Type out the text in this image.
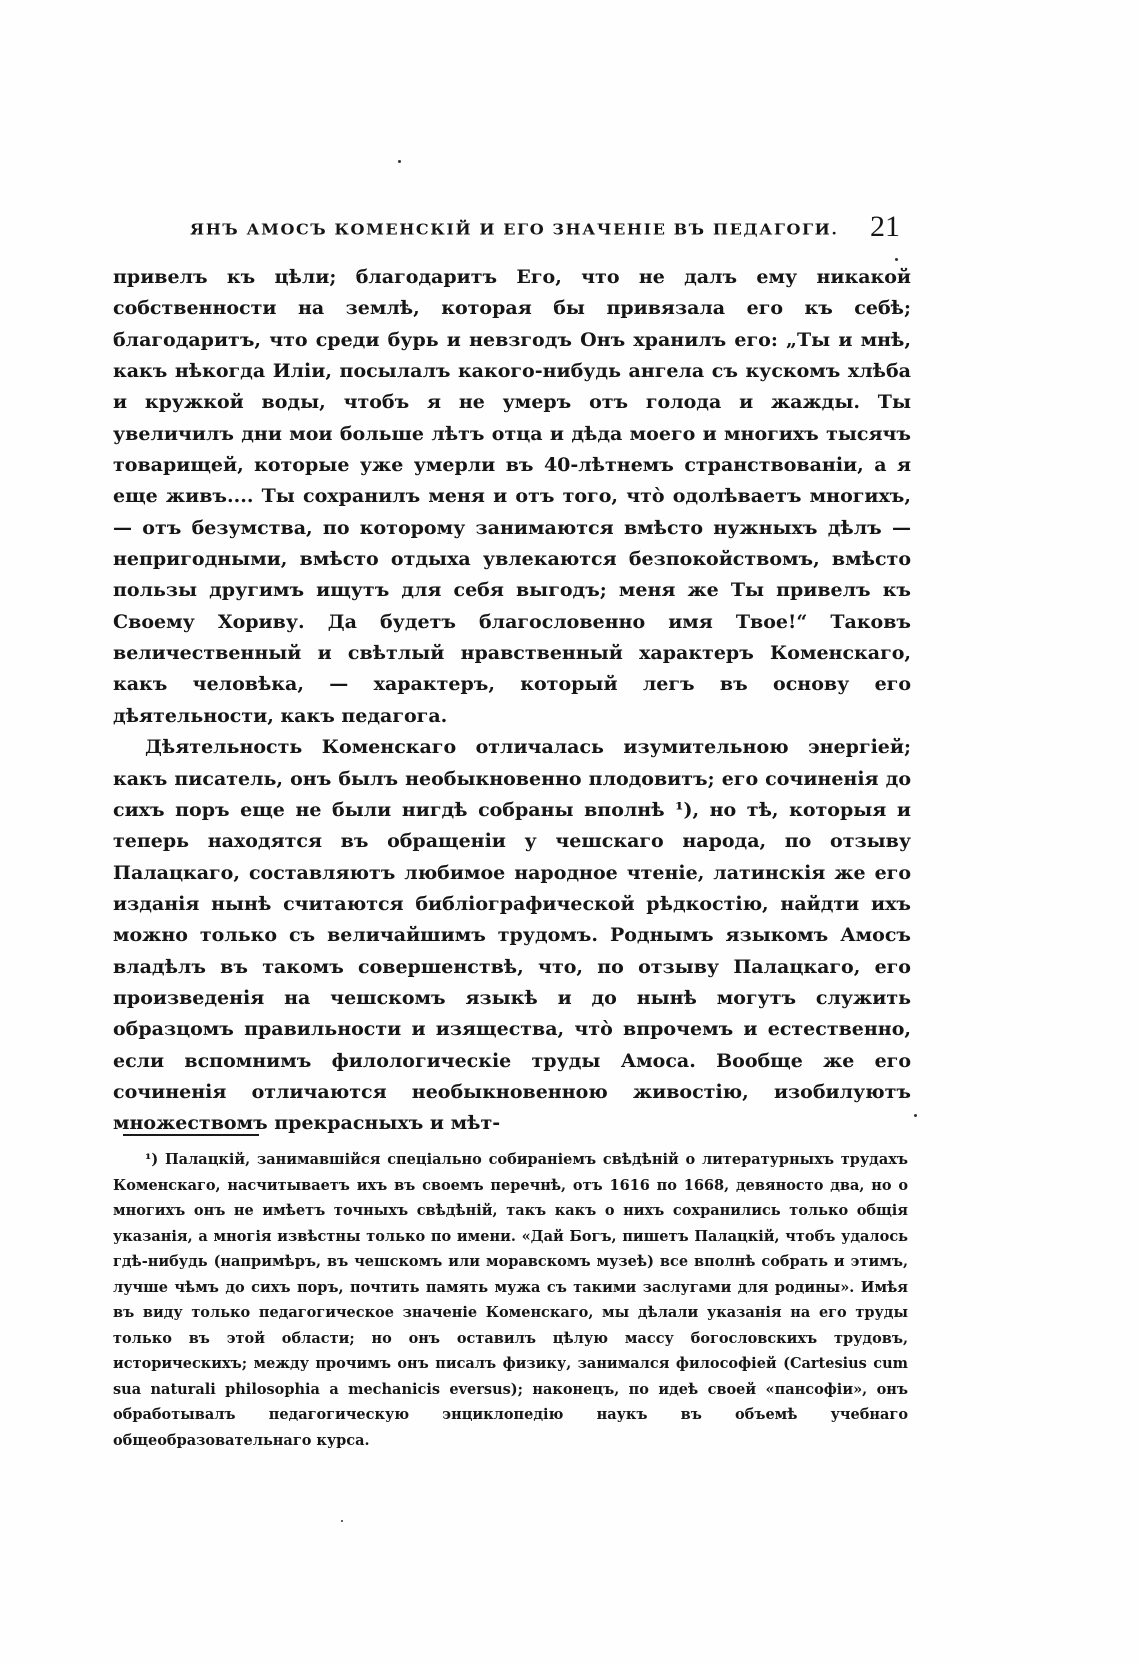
ЯНЪ АМОСЪ КОМЕНСКІЙ И ЕГО ЗНАЧЕНІЕ ВЪ ПЕДАГОГИ. 21

привелъ къ цѣли; благодаритъ Его, что не далъ ему никакой собственности на землѣ, которая бы привязала его къ себѣ; благодаритъ, что среди бурь и невзгодъ Онъ хранилъ его: „Ты и мнѣ, какъ нѣкогда Иліи, посылалъ какого-нибудь ангела съ кускомъ хлѣба и кружкой воды, чтобъ я не умеръ отъ голода и жажды. Ты увеличилъ дни мои больше лѣтъ отца и дѣда моего и многихъ тысячъ товарищей, которые уже умерли въ 40-лѣтнемъ странствованіи, а я еще живъ.... Ты сохранилъ меня и отъ того, чтò одолѣваетъ многихъ, — отъ безумства, по которому занимаются вмѣсто нужныхъ дѣлъ — непригодными, вмѣсто отдыха увлекаются безпокойствомъ, вмѣсто пользы другимъ ищутъ для себя выгодъ; меня же Ты привелъ къ Своему Хориву. Да будетъ благословенно имя Твое!“ Таковъ величественный и свѣтлый нравственный характеръ Коменскаго, какъ человѣка, — характеръ, который легъ въ основу его дѣятельности, какъ педагога.

Дѣятельность Коменскаго отличалась изумительною энергіей; какъ писатель, онъ былъ необыкновенно плодовитъ; его сочиненія до сихъ поръ еще не были нигдѣ собраны вполнѣ ¹), но тѣ, которыя и теперь находятся въ обращеніи у чешскаго народа, по отзыву Палацкаго, составляютъ любимое народное чтеніе, латинскія же его изданія нынѣ считаются библіографической рѣдкостію, найдти ихъ можно только съ величайшимъ трудомъ. Роднымъ языкомъ Амосъ владѣлъ въ такомъ совершенствѣ, что, по отзыву Палацкаго, его произведенія на чешскомъ языкѣ и до нынѣ могутъ служить образцомъ правильности и изящества, чтò впрочемъ и естественно, если вспомнимъ филологическіе труды Амоса. Вообще же его сочиненія отличаются необыкновенною живостію, изобилуютъ множествомъ прекрасныхъ и мѣт-

¹) Палацкій, занимавшійся спеціально собираніемъ свѣдѣній о литературныхъ трудахъ Коменскаго, насчитываетъ ихъ въ своемъ перечнѣ, отъ 1616 по 1668, девяносто два, но о многихъ онъ не имѣетъ точныхъ свѣдѣній, такъ какъ о нихъ сохранились только общія указанія, а многія извѣстны только по имени. «Дай Богъ, пишетъ Палацкій, чтобъ удалось гдѣ-нибудь (напримѣръ, въ чешскомъ или моравскомъ музеѣ) все вполнѣ собрать и этимъ, лучше чѣмъ до сихъ поръ, почтить память мужа съ такими заслугами для родины». Имѣя въ виду только педагогическое значеніе Коменскаго, мы дѣлали указанія на его труды только въ этой области; но онъ оставилъ цѣлую массу богословскихъ трудовъ, историческихъ; между прочимъ онъ писалъ физику, занимался философіей (Cartesius cum sua naturali philosophia a mechanicis eversus); наконецъ, по идеѣ своей «пансофіи», онъ обработывалъ педагогическую энциклопедію наукъ въ объемѣ учебнаго общеобразовательнаго курса.
